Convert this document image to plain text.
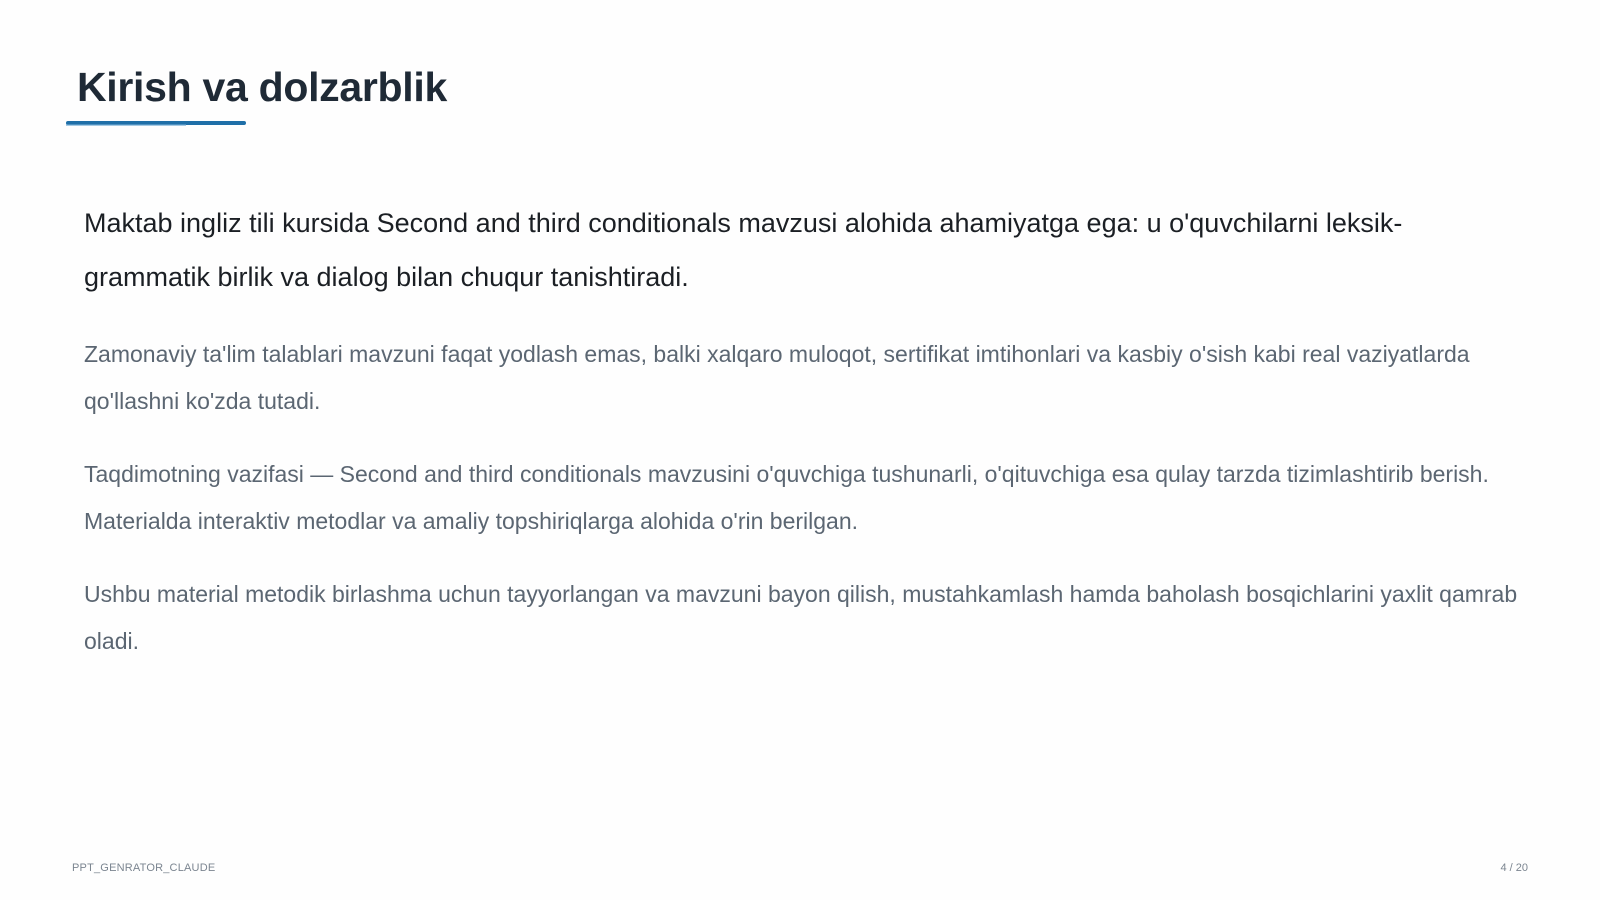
Kirish va dolzarblik

Maktab ingliz tili kursida Second and third conditionals mavzusi alohida ahamiyatga ega: u o'quvchilarni leksik-grammatik birlik va dialog bilan chuqur tanishtiradi.

Zamonaviy ta'lim talablari mavzuni faqat yodlash emas, balki xalqaro muloqot, sertifikat imtihonlari va kasbiy o'sish kabi real vaziyatlarda qo'llashni ko'zda tutadi.

Taqdimotning vazifasi — Second and third conditionals mavzusini o'quvchiga tushunarli, o'qituvchiga esa qulay tarzda tizimlashtirib berish. Materialda interaktiv metodlar va amaliy topshiriqlarga alohida o'rin berilgan.

Ushbu material metodik birlashma uchun tayyorlangan va mavzuni bayon qilish, mustahkamlash hamda baholash bosqichlarini yaxlit qamrab oladi.

PPT_GENRATOR_CLAUDE	4 / 20
